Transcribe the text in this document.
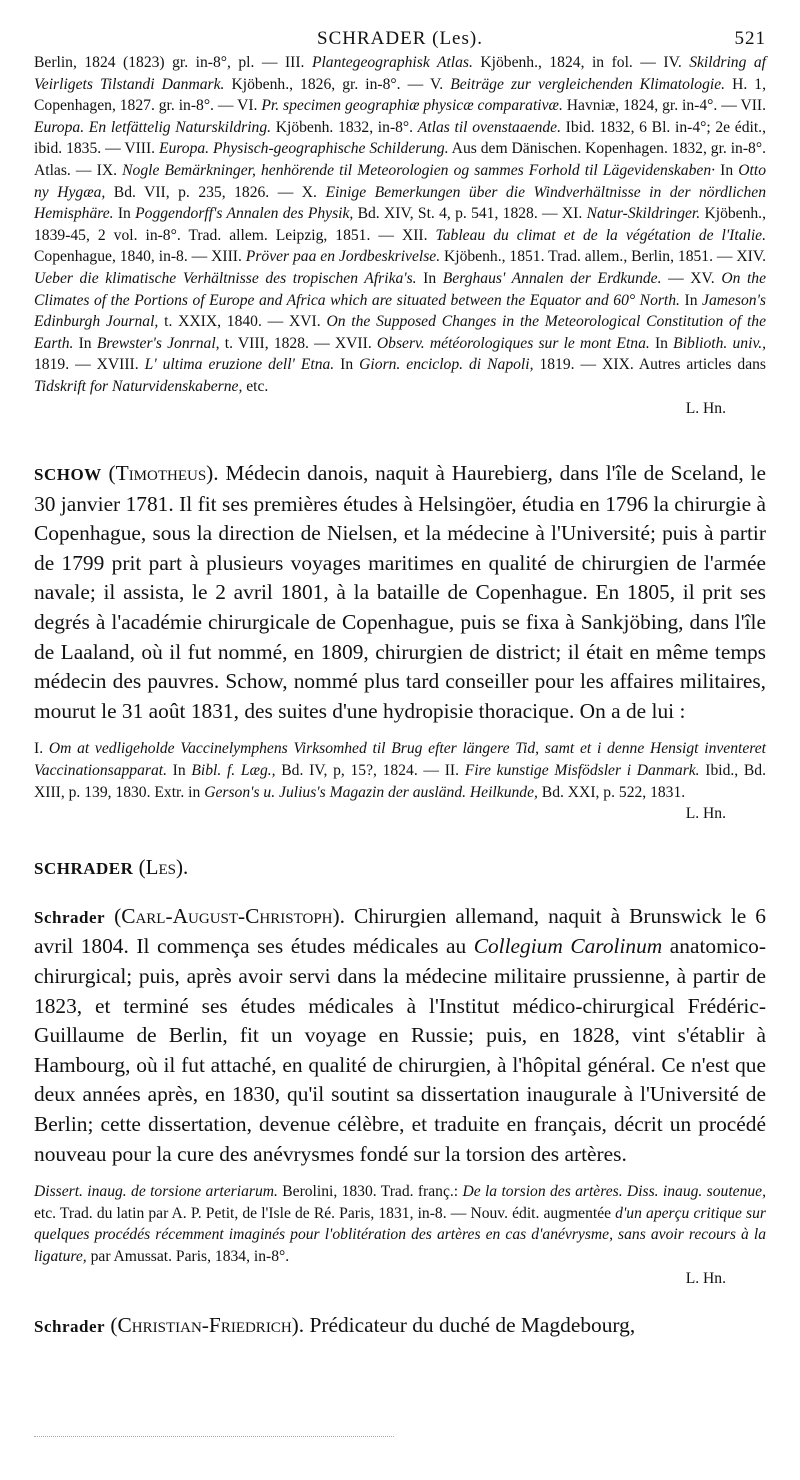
SCHRADER (Les).	521

Berlin, 1824 (1823) gr. in-8°, pl. — III. Plantegeographisk Atlas. Kjöbenh., 1824, in fol. — IV. Skildring af Veirligets Tilstandi Danmark. Kjöbenh., 1826, gr. in-8°. — V. Beiträge zur vergleichenden Klimatologie. H. 1, Copenhagen, 1827. gr. in-8°. — VI. Pr. specimen geographiæ physicæ comparativæ. Havniæ, 1824, gr. in-4°. — VII. Europa. En letfättelig Naturskildring. Kjöbenh. 1832, in-8°. Atlas til ovenstaaende. Ibid. 1832, 6 Bl. in-4°; 2e édit., ibid. 1835. — VIII. Europa. Physisch-geographische Schilderung. Aus dem Dänischen. Kopenhagen. 1832, gr. in-8°. Atlas. — IX. Nogle Bemärkninger, henhörende til Meteorologien og sammes Forhold til Lägevidenskaben· In Otto ny Hygæa, Bd. VII, p. 235, 1826. — X. Einige Bemerkungen über die Windverhältnisse in der nördlichen Hemisphäre. In Poggendorff's Annalen des Physik, Bd. XIV, St. 4, p. 541, 1828. — XI. Natur-Skildringer. Kjöbenh., 1839-45, 2 vol. in-8°. Trad. allem. Leipzig, 1851. — XII. Tableau du climat et de la végétation de l'Italie. Copenhague, 1840, in-8. — XIII. Pröver paa en Jordbeskrivelse. Kjöbenh., 1851. Trad. allem., Berlin, 1851. — XIV. Ueber die klimatische Verhältnisse des tropischen Afrika's. In Berghaus' Annalen der Erdkunde. — XV. On the Climates of the Portions of Europe and Africa which are situated between the Equator and 60° North. In Jameson's Edinburgh Journal, t. XXIX, 1840. — XVI. On the Supposed Changes in the Meteorological Constitution of the Earth. In Brewster's Jonrnal, t. VIII, 1828. — XVII. Observ. météorologiques sur le mont Etna. In Biblioth. univ., 1819. — XVIII. L' ultima eruzione dell' Etna. In Giorn. enciclop. di Napoli, 1819. — XIX. Autres articles dans Tidskrift for Naturvidenskaberne, etc.
L. Hn.

SCHOW (Timotheus). Médecin danois, naquit à Haurebierg, dans l'île de Sceland, le 30 janvier 1781. Il fit ses premières études à Helsingöer, étudia en 1796 la chirurgie à Copenhague, sous la direction de Nielsen, et la médecine à l'Université; puis à partir de 1799 prit part à plusieurs voyages maritimes en qualité de chirurgien de l'armée navale; il assista, le 2 avril 1801, à la bataille de Copenhague. En 1805, il prit ses degrés à l'académie chirurgicale de Copenhague, puis se fixa à Sankjöbing, dans l'île de Laaland, où il fut nommé, en 1809, chirurgien de district; il était en même temps médecin des pauvres. Schow, nommé plus tard conseiller pour les affaires militaires, mourut le 31 août 1831, des suites d'une hydropisie thoracique. On a de lui :

I. Om at vedligeholde Vaccinelymphens Virksomhed til Brug efter längere Tid, samt et i denne Hensigt inventeret Vaccinationsapparat. In Bibl. f. Læg., Bd. IV, p, 15?, 1824. — II. Fire kunstige Misfödsler i Danmark. Ibid., Bd. XIII, p. 139, 1830. Extr. in Gerson's u. Julius's Magazin der ausländ. Heilkunde, Bd. XXI, p. 522, 1831.
L. Hn.

SCHRADER (Les).

Schrader (Carl-August-Christoph). Chirurgien allemand, naquit à Brunswick le 6 avril 1804. Il commença ses études médicales au Collegium Carolinum anatomico-chirurgical; puis, après avoir servi dans la médecine militaire prussienne, à partir de 1823, et terminé ses études médicales à l'Institut médico-chirurgical Frédéric-Guillaume de Berlin, fit un voyage en Russie; puis, en 1828, vint s'établir à Hambourg, où il fut attaché, en qualité de chirurgien, à l'hôpital général. Ce n'est que deux années après, en 1830, qu'il soutint sa dissertation inaugurale à l'Université de Berlin; cette dissertation, devenue célèbre, et traduite en français, décrit un procédé nouveau pour la cure des anévrysmes fondé sur la torsion des artères.

Dissert. inaug. de torsione arteriarum. Berolini, 1830. Trad. franç.: De la torsion des artères. Diss. inaug. soutenue, etc. Trad. du latin par A. P. Petit, de l'Isle de Ré. Paris, 1831, in-8. — Nouv. édit. augmentée d'un aperçu critique sur quelques procédés récemment imaginés pour l'oblitération des artères en cas d'anévrysme, sans avoir recours à la ligature, par Amussat. Paris, 1834, in-8°.
L. Hn.

Schrader (Christian-Friedrich). Prédicateur du duché de Magdebourg,
